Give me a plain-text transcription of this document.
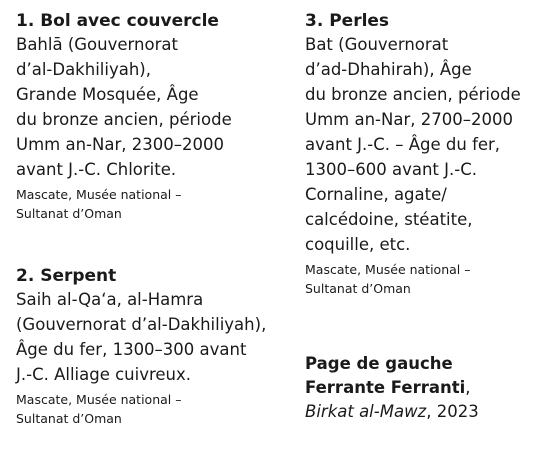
1. Bol avec couvercle

Bahlā (Gouvernorat
d’al-Dakhiliyah),
Grande Mosquée, Âge
du bronze ancien, période
Umm an-Nar, 2300–2000
avant J.-C. Chlorite.

Mascate, Musée national –
Sultanat d’Oman

2. Serpent

Saih al-Qa‘a, al-Hamra
(Gouvernorat d’al-Dakhiliyah),
Âge du fer, 1300–300 avant
J.-C. Alliage cuivreux.

Mascate, Musée national –
Sultanat d’Oman

3. Perles

Bat (Gouvernorat
d’ad-Dhahirah), Âge
du bronze ancien, période
Umm an-Nar, 2700–2000
avant J.-C. – Âge du fer,
1300–600 avant J.-C.
Cornaline, agate/
calcédoine, stéatite,
coquille, etc.

Mascate, Musée national –
Sultanat d’Oman
Page de gauche
Ferrante Ferranti,
Birkat al-Mawz, 2023
